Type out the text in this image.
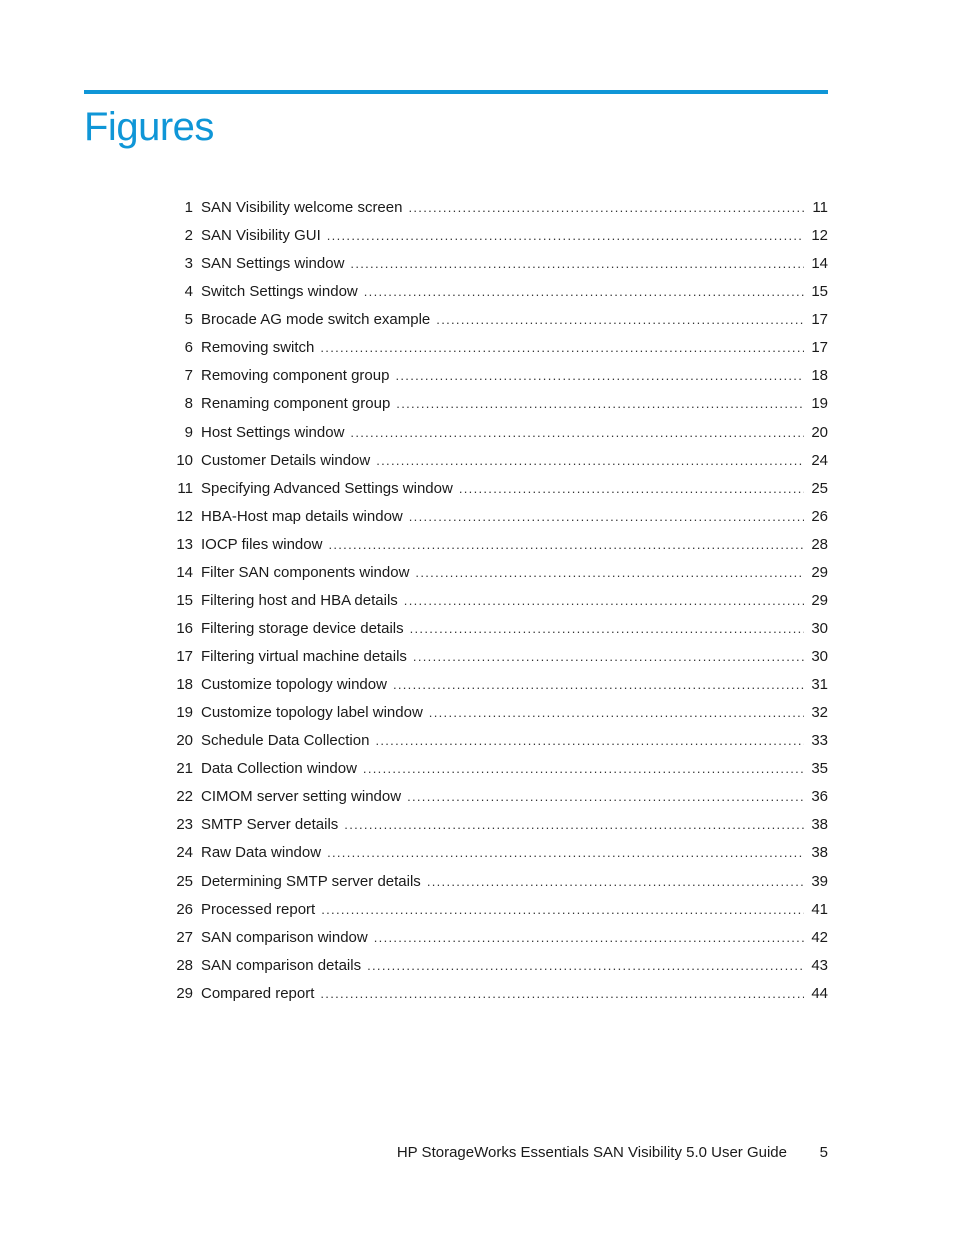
Figures
1 SAN Visibility welcome screen .....	11
2 SAN Visibility GUI .....	12
3 SAN Settings window .....	14
4 Switch Settings window .....	15
5 Brocade AG mode switch example .....	17
6 Removing switch .....	17
7 Removing component group .....	18
8 Renaming component group .....	19
9 Host Settings window .....	20
10 Customer Details window .....	24
11 Specifying Advanced Settings window .....	25
12 HBA-Host map details window .....	26
13 IOCP files window .....	28
14 Filter SAN components window .....	29
15 Filtering host and HBA details .....	29
16 Filtering storage device details .....	30
17 Filtering virtual machine details .....	30
18 Customize topology window .....	31
19 Customize topology label window .....	32
20 Schedule Data Collection .....	33
21 Data Collection window .....	35
22 CIMOM server setting window .....	36
23 SMTP Server details .....	38
24 Raw Data window .....	38
25 Determining SMTP server details .....	39
26 Processed report .....	41
27 SAN comparison window .....	42
28 SAN comparison details .....	43
29 Compared report .....	44
HP StorageWorks Essentials SAN Visibility 5.0 User Guide 5
